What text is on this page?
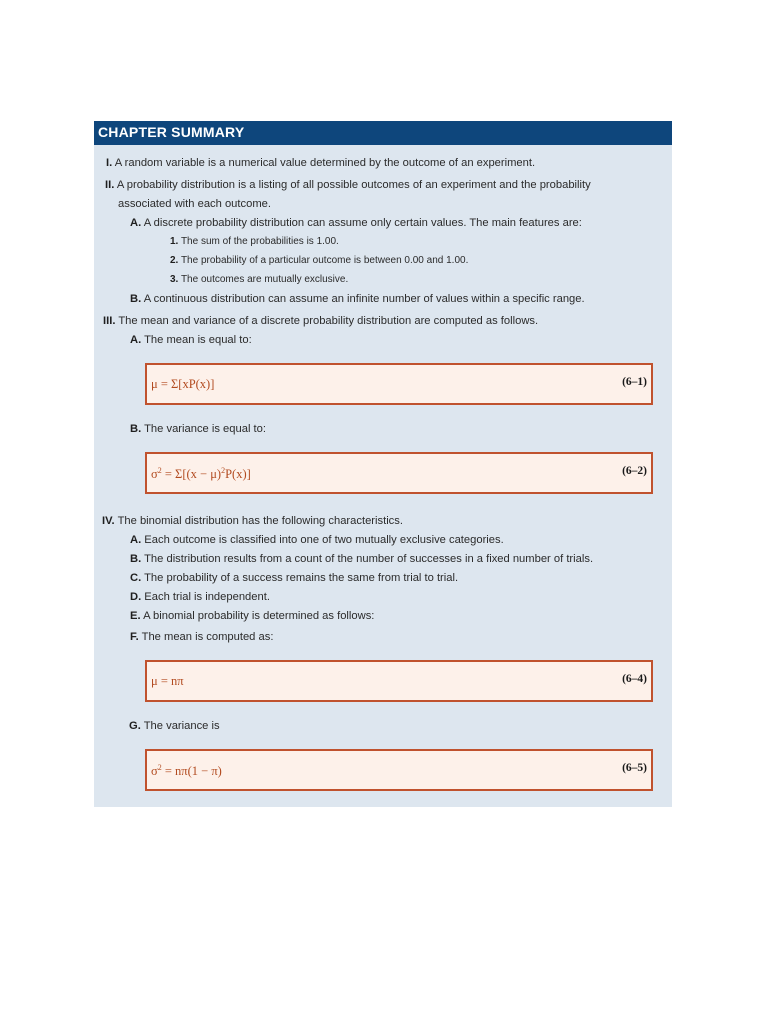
CHAPTER SUMMARY
I. A random variable is a numerical value determined by the outcome of an experiment.
II. A probability distribution is a listing of all possible outcomes of an experiment and the probability
associated with each outcome.
A. A discrete probability distribution can assume only certain values. The main features are:
1. The sum of the probabilities is 1.00.
2. The probability of a particular outcome is between 0.00 and 1.00.
3. The outcomes are mutually exclusive.
B. A continuous distribution can assume an infinite number of values within a specific range.
III. The mean and variance of a discrete probability distribution are computed as follows.
A. The mean is equal to:
μ = Σ[xP(x)]	(6–1)
B. The variance is equal to:
$\sigma^2 = \Sigma[(x - \mu)^2P(x)]$	(6–2)
IV. The binomial distribution has the following characteristics.
A. Each outcome is classified into one of two mutually exclusive categories.
B. The distribution results from a count of the number of successes in a fixed number of trials.
C. The probability of a success remains the same from trial to trial.
D. Each trial is independent.
E. A binomial probability is determined as follows:
F. The mean is computed as:
μ = nπ	(6–4)
G. The variance is
$\sigma^2 = n\pi(1 - \pi)$	(6–5)
